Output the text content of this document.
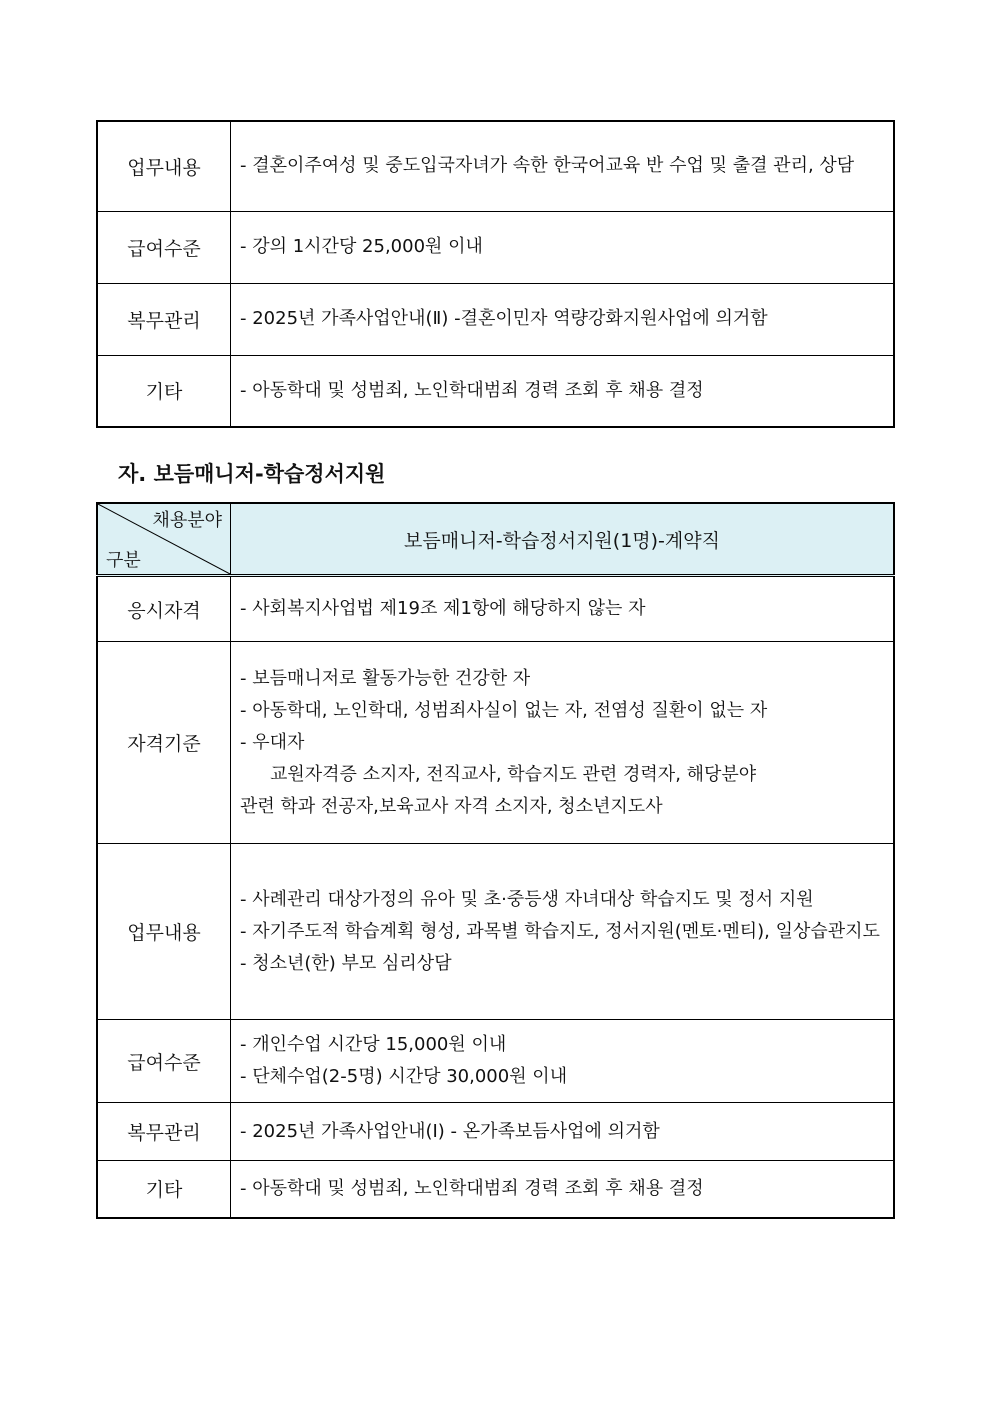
업무내용	- 결혼이주여성 및 중도입국자녀가 속한 한국어교육 반 수업 및 출결 관리, 상담

급여수준	- 강의 1시간당 25,000원 이내

복무관리	- 2025년 가족사업안내(Ⅱ) -결혼이민자 역량강화지원사업에 의거함

기타	- 아동학대 및 성범죄, 노인학대범죄 경력 조회 후 채용 결정
자. 보듬매니저-학습정서지원
채용분야
구분	보듬매니저-학습정서지원(1명)-계약직
응시자격	- 사회복지사업법 제19조 제1항에 해당하지 않는 자

자격기준	- 보듬매니저로 활동가능한 건강한 자
- 아동학대, 노인학대, 성범죄사실이 없는 자, 전염성 질환이 없는 자
- 우대자
교원자격증 소지자, 전직교사, 학습지도 관련 경력자, 해당분야
관련 학과 전공자,보육교사 자격 소지자, 청소년지도사

업무내용	- 사례관리 대상가정의 유아 및 초·중등생 자녀대상 학습지도 및 정서 지원
- 자기주도적 학습계획 형성, 과목별 학습지도, 정서지원(멘토·멘티), 일상습관지도
- 청소년(한) 부모 심리상담

급여수준	- 개인수업 시간당 15,000원 이내
- 단체수업(2-5명) 시간당 30,000원 이내

복무관리	- 2025년 가족사업안내(Ⅰ) - 온가족보듬사업에 의거함

기타	- 아동학대 및 성범죄, 노인학대범죄 경력 조회 후 채용 결정
